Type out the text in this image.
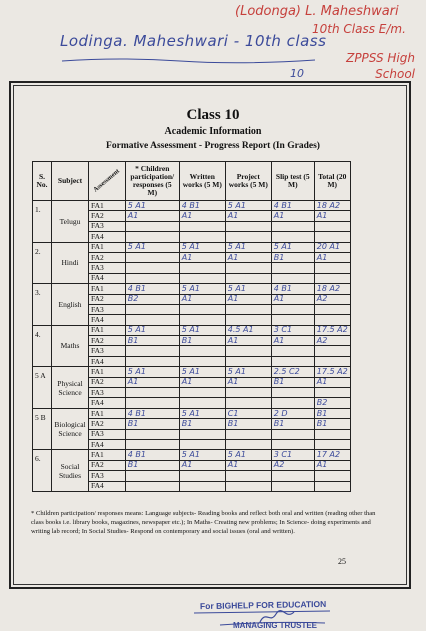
(Lodonga) L. Maheshwari
10th Class E/m.
Lodinga. Maheshwari - 10th class
ZPPSS High School
10
Class 10
Academic Information
Formative Assessment - Progress Report (In Grades)
S. No.	Subject	Assessment	* Children participation/ responses (5 M)	Written works (5 M)	Project works (5 M)	Slip test (5 M)	Total (20 M)
1.	Telugu	FA1	5 A1	4 B1	5 A1	4 B1	18 A2
		FA2	A1	A1	A1	A1	A1
		FA3					
		FA4					
2.	Hindi	FA1	5 A1	5 A1	5 A1	5 A1	20 A1
		FA2		A1	A1	B1	A1
		FA3					
		FA4					
3.	English	FA1	4 B1	5 A1	5 A1	4 B1	18 A2
		FA2	B2	A1	A1	A1	A2
		FA3					
		FA4					
4.	Maths	FA1	5 A1	5 A1	4.5 A1	3 C1	17.5 A2
		FA2	B1	B1	A1	A1	A2
		FA3					
		FA4					
5 A	Physical Science	FA1	5 A1	5 A1	5 A1	2.5 C2	17.5 A2
		FA2	A1	A1	A1	B1	A1
		FA3					
		FA4					B2
5 B	Biological Science	FA1	4 B1	5 A1	C1	2 D	B1
		FA2	B1	B1	B1	B1	B1
		FA3					
		FA4					
6.	Social Studies	FA1	4 B1	5 A1	5 A1	3 C1	17 A2
		FA2	B1	A1	A1	A2	A1
		FA3					
		FA4					
* Children participation/ responses means: Language subjects- Reading books and reflect both oral and written (reading other than class books i.e. library books, magazines, newspaper etc.); In Maths- Creating new problems; In Science- doing experiments and writing lab record; In Social Studies- Respond on contemporary and social issues (oral and written).
25
For BIGHELP FOR EDUCATION
MANAGING TRUSTEE
